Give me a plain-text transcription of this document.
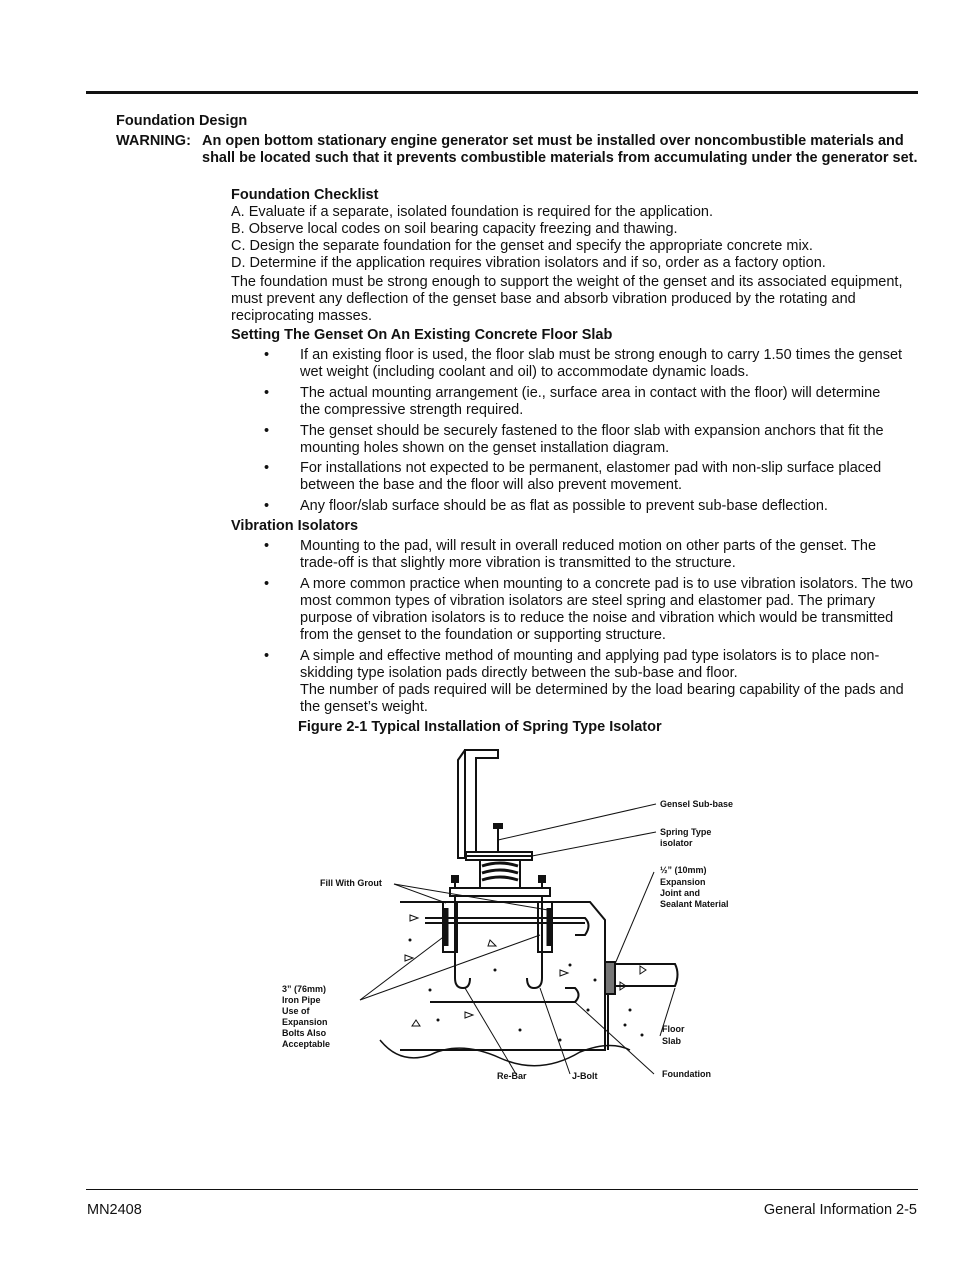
Foundation Design
WARNING: An open bottom stationary engine generator set must be installed over noncombustible materials and shall be located such that it prevents combustible materials from accumulating under the generator set.
Foundation Checklist
A. Evaluate if a separate, isolated foundation is required for the application.
B. Observe local codes on soil bearing capacity freezing and thawing.
C. Design the separate foundation for the genset and specify the appropriate concrete mix.
D. Determine if the application requires vibration isolators and if so, order as a factory option.
The foundation must be strong enough to support the weight of the genset and its associated equipment, must prevent any deflection of the genset base and absorb vibration produced by the rotating and reciprocating masses.
Setting The Genset On An Existing Concrete Floor Slab
•	If an existing floor is used, the floor slab must be strong enough to carry 1.50 times the genset wet weight (including coolant and oil) to accommodate dynamic loads.
•	The actual mounting arrangement (ie., surface area in contact with the floor) will determine the compressive strength required.
•	The genset should be securely fastened to the floor slab with expansion anchors that fit the mounting holes shown on the genset installation diagram.
•	For installations not expected to be permanent, elastomer pad with non-slip surface placed between the base and the floor will also prevent movement.
•	Any floor/slab surface should be as flat as possible to prevent sub-base deflection.
Vibration Isolators
•	Mounting to the pad, will result in overall reduced motion on other parts of the genset. The trade-off is that slightly more vibration is transmitted to the structure.
•	A more common practice when mounting to a concrete pad is to use vibration isolators. The two most common types of vibration isolators are steel spring and elastomer pad. The primary purpose of vibration isolators is to reduce the noise and vibration which would be transmitted from the genset to the foundation or supporting structure.
•	A simple and effective method of mounting and applying pad type isolators is to place non-skidding type isolation pads directly between the sub-base and floor.
The number of pads required will be determined by the load bearing capability of the pads and the genset’s weight.
Figure 2-1 Typical Installation of Spring Type Isolator
Gensel Sub-base
Spring Type
isolator
½” (10mm)
Expansion
Joint and
Sealant Material
Fill With Grout
3” (76mm)
Iron Pipe
Use of
Expansion
Bolts Also
Acceptable
Floor
Slab
Re-Bar	J-Bolt	Foundation
MN2408	General Information 2-5
